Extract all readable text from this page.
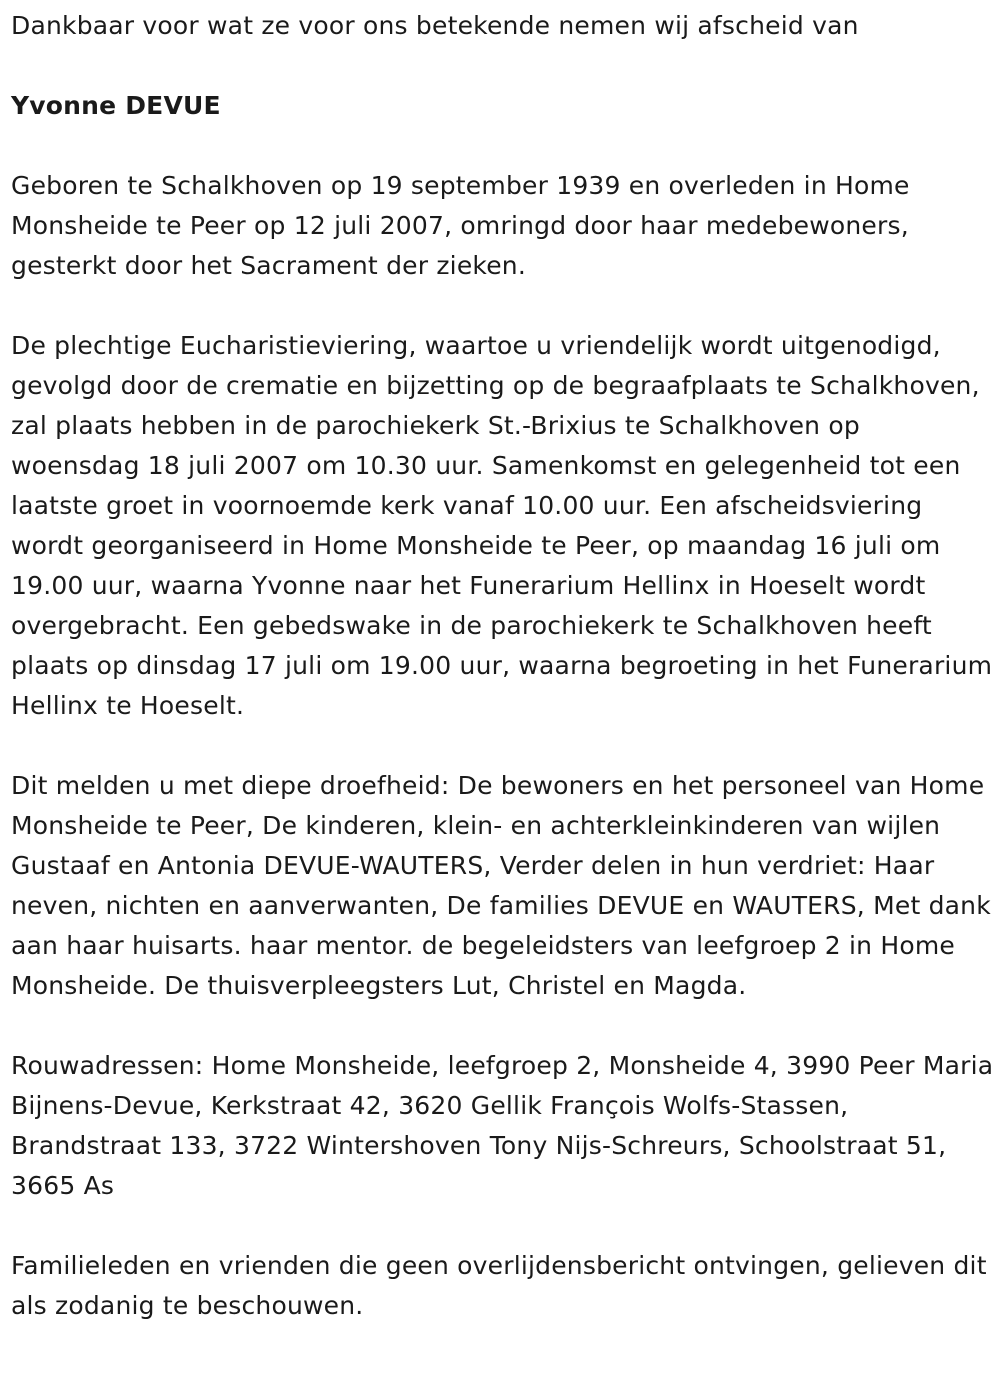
Dankbaar voor wat ze voor ons betekende nemen wij afscheid van

Yvonne DEVUE

Geboren te Schalkhoven op 19 september 1939 en overleden in Home Monsheide te Peer op 12 juli 2007, omringd door haar medebewoners, gesterkt door het Sacrament der zieken.

De plechtige Eucharistieviering, waartoe u vriendelijk wordt uitgenodigd, gevolgd door de crematie en bijzetting op de begraafplaats te Schalkhoven, zal plaats hebben in de parochiekerk St.-Brixius te Schalkhoven op woensdag 18 juli 2007 om 10.30 uur. Samenkomst en gelegenheid tot een laatste groet in voornoemde kerk vanaf 10.00 uur. Een afscheidsviering wordt georganiseerd in Home Monsheide te Peer, op maandag 16 juli om 19.00 uur, waarna Yvonne naar het Funerarium Hellinx in Hoeselt wordt overgebracht. Een gebedswake in de parochiekerk te Schalkhoven heeft plaats op dinsdag 17 juli om 19.00 uur, waarna begroeting in het Funerarium Hellinx te Hoeselt.

Dit melden u met diepe droefheid: De bewoners en het personeel van Home Monsheide te Peer, De kinderen, klein- en achterkleinkinderen van wijlen Gustaaf en Antonia DEVUE-WAUTERS, Verder delen in hun verdriet: Haar neven, nichten en aanverwanten, De families DEVUE en WAUTERS, Met dank aan haar huisarts. haar mentor. de begeleidsters van leefgroep 2 in Home Monsheide. De thuisverpleegsters Lut, Christel en Magda.

Rouwadressen: Home Monsheide, leefgroep 2, Monsheide 4, 3990 Peer Maria Bijnens-Devue, Kerkstraat 42, 3620 Gellik François Wolfs-Stassen, Brandstraat 133, 3722 Wintershoven Tony Nijs-Schreurs, Schoolstraat 51, 3665 As

Familieleden en vrienden die geen overlijdensbericht ontvingen, gelieven dit als zodanig te beschouwen.
